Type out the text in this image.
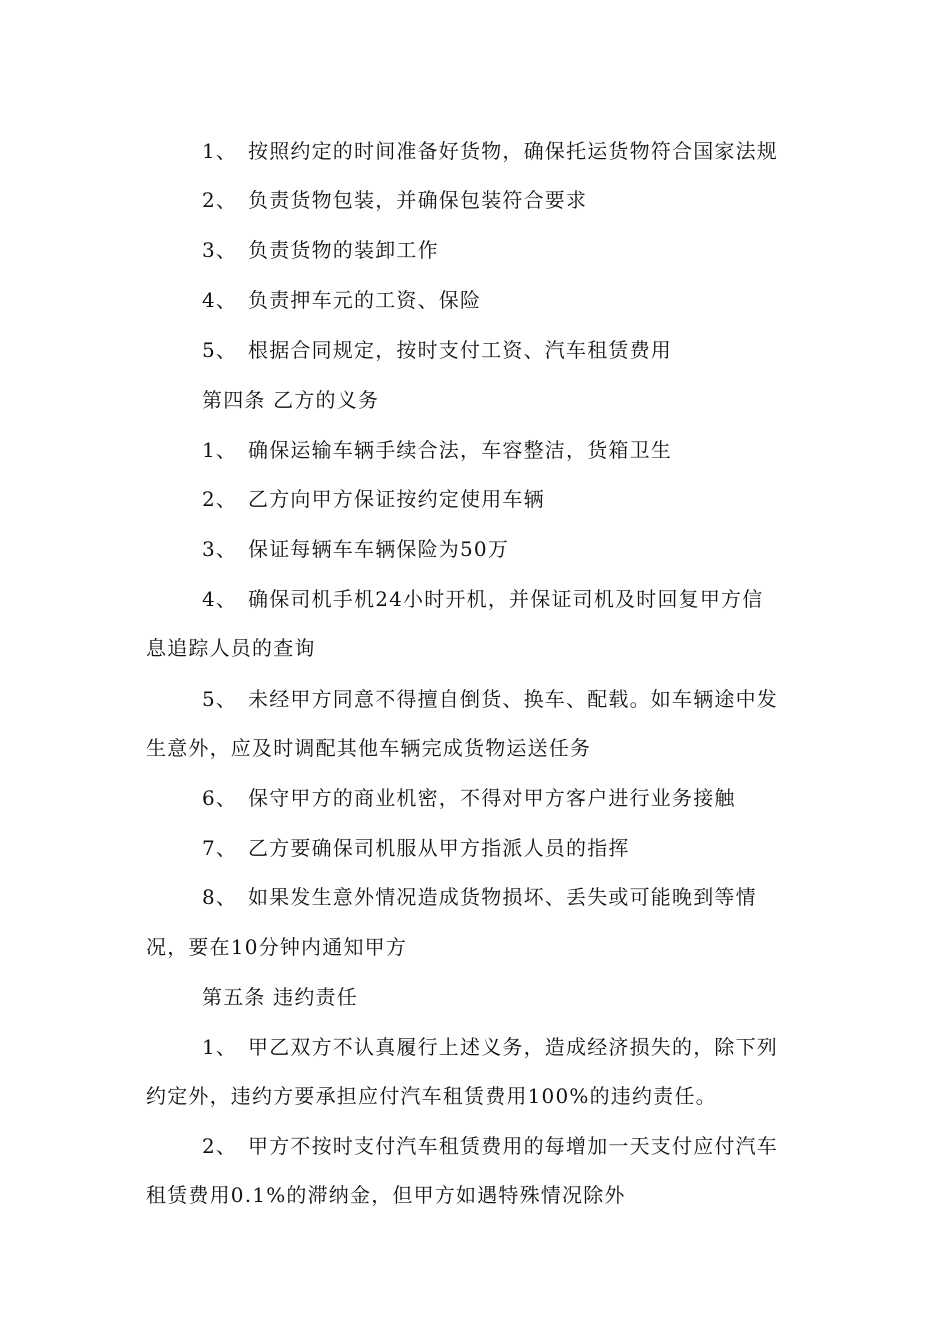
1、 按照约定的时间准备好货物，确保托运货物符合国家法规
2、 负责货物包装，并确保包装符合要求
3、 负责货物的装卸工作
4、 负责押车元的工资、保险
5、 根据合同规定，按时支付工资、汽车租赁费用
第四条 乙方的义务
1、 确保运输车辆手续合法，车容整洁，货箱卫生
2、 乙方向甲方保证按约定使用车辆
3、 保证每辆车车辆保险为50万
4、 确保司机手机24小时开机，并保证司机及时回复甲方信
息追踪人员的查询
5、 未经甲方同意不得擅自倒货、换车、配载。如车辆途中发
生意外，应及时调配其他车辆完成货物运送任务
6、 保守甲方的商业机密，不得对甲方客户进行业务接触
7、 乙方要确保司机服从甲方指派人员的指挥
8、 如果发生意外情况造成货物损坏、丢失或可能晚到等情
况，要在10分钟内通知甲方
第五条 违约责任
1、 甲乙双方不认真履行上述义务，造成经济损失的，除下列
约定外，违约方要承担应付汽车租赁费用100%的违约责任。
2、 甲方不按时支付汽车租赁费用的每增加一天支付应付汽车
租赁费用0.1%的滞纳金，但甲方如遇特殊情况除外
